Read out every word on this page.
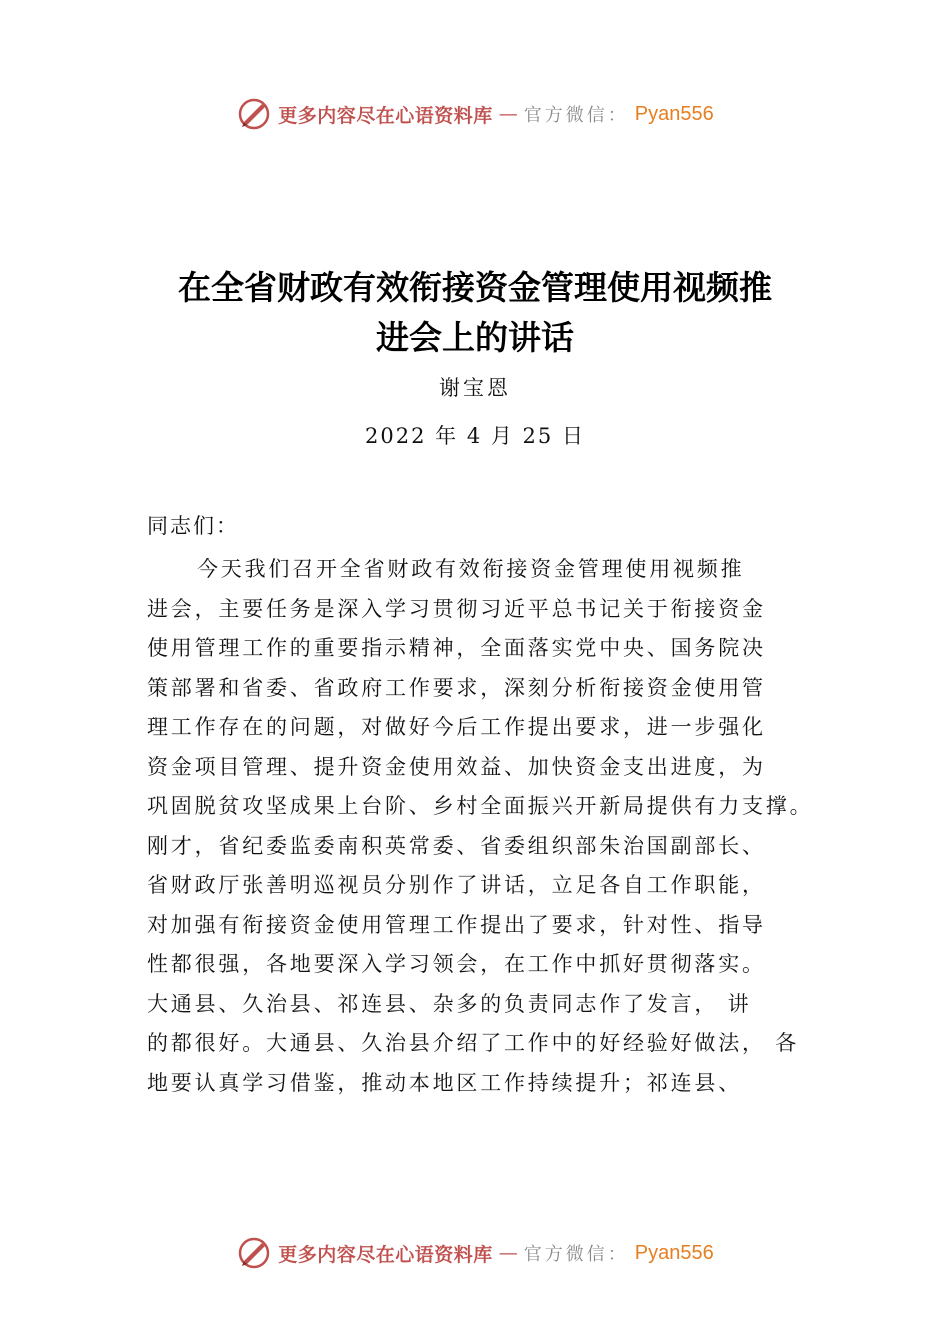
更多内容尽在心语资料库 — 官方微信： Pyan556
在全省财政有效衔接资金管理使用视频推
进会上的讲话
谢宝恩
2022 年 4 月 25 日
同志们：
今天我们召开全省财政有效衔接资金管理使用视频推
进会，主要任务是深入学习贯彻习近平总书记关于衔接资金
使用管理工作的重要指示精神，全面落实党中央、国务院决
策部署和省委、省政府工作要求，深刻分析衔接资金使用管
理工作存在的问题，对做好今后工作提出要求，进一步强化
资金项目管理、提升资金使用效益、加快资金支出进度，为
巩固脱贫攻坚成果上台阶、乡村全面振兴开新局提供有力支撑。
刚才，省纪委监委南积英常委、省委组织部朱治国副部长、
省财政厅张善明巡视员分别作了讲话，立足各自工作职能，
对加强有衔接资金使用管理工作提出了要求，针对性、指导
性都很强，各地要深入学习领会，在工作中抓好贯彻落实。
大通县、久治县、祁连县、杂多的负责同志作了发言， 讲
的都很好。大通县、久治县介绍了工作中的好经验好做法， 各
地要认真学习借鉴，推动本地区工作持续提升；祁连县、
更多内容尽在心语资料库 — 官方微信： Pyan556
